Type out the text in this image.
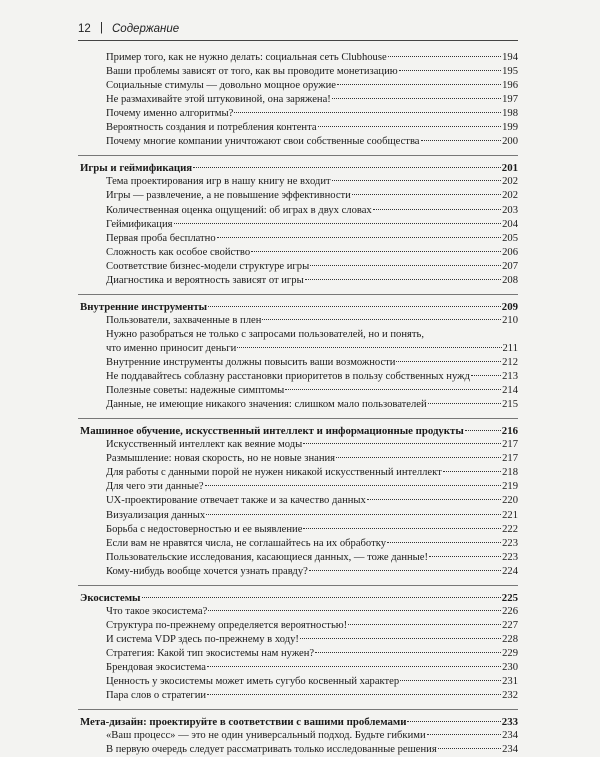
12 | Содержание
Пример того, как не нужно делать: социальная сеть Clubhouse	194
Ваши проблемы зависят от того, как вы проводите монетизацию	195
Социальные стимулы — довольно мощное оружие	196
Не размахивайте этой штуковиной, она заряжена!	197
Почему именно алгоритмы?	198
Вероятность создания и потребления контента	199
Почему многие компании уничтожают свои собственные сообщества	200
Игры и геймификация	201
Тема проектирования игр в нашу книгу не входит	202
Игры — развлечение, а не повышение эффективности	202
Количественная оценка ощущений: об играх в двух словах	203
Геймификация	204
Первая проба бесплатно	205
Сложность как особое свойство	206
Соответствие бизнес-модели структуре игры	207
Диагностика и вероятность зависят от игры	208
Внутренние инструменты	209
Пользователи, захваченные в плен	210
Нужно разобраться не только с запросами пользователей, но и понять,
что именно приносит деньги	211
Внутренние инструменты должны повысить ваши возможности	212
Не поддавайтесь соблазну расстановки приоритетов в пользу собственных нужд	213
Полезные советы: надежные симптомы	214
Данные, не имеющие никакого значения: слишком мало пользователей	215
Машинное обучение, искусственный интеллект и информационные продукты	216
Искусственный интеллект как веяние моды	217
Размышление: новая скорость, но не новые знания	217
Для работы с данными порой не нужен никакой искусственный интеллект	218
Для чего эти данные?	219
UX-проектирование отвечает также и за качество данных	220
Визуализация данных	221
Борьба с недостоверностью и ее выявление	222
Если вам не нравятся числа, не соглашайтесь на их обработку	223
Пользовательские исследования, касающиеся данных, — тоже данные!	223
Кому-нибудь вообще хочется узнать правду?	224
Экосистемы	225
Что такое экосистема?	226
Структура по-прежнему определяется вероятностью!	227
И система VDP здесь по-прежнему в ходу!	228
Стратегия: Какой тип экосистемы нам нужен?	229
Брендовая экосистема	230
Ценность у экосистемы может иметь сугубо косвенный характер	231
Пара слов о стратегии	232
Мета-дизайн: проектируйте в соответствии с вашими проблемами	233
«Ваш процесс» — это не один универсальный подход. Будьте гибкими	234
В первую очередь следует рассматривать только исследованные решения	234
